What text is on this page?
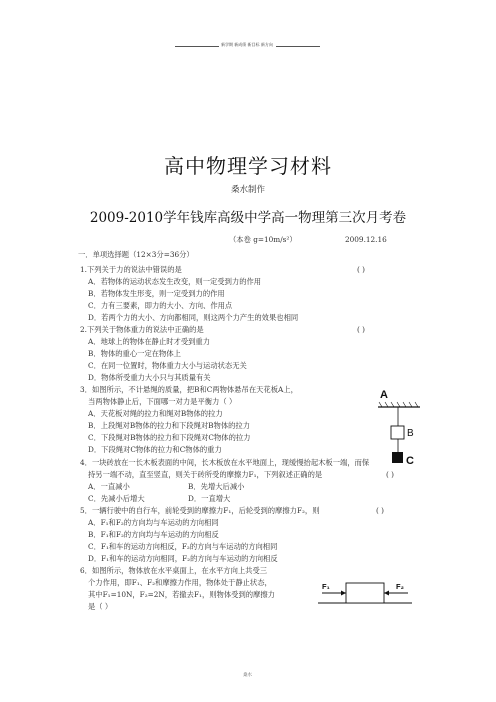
新学期 新成绩 新目标 新方向
高中物理学习材料
桑水制作
2009-2010学年钱库高级中学高一物理第三次月考卷
（本卷 g=10m/s²）	2009.12.16
一．单项选择题（12×3分=36分）
1.下列关于力的说法中错误的是	( )
A．若物体的运动状态发生改变，则一定受到力的作用
B．若物体发生形变，则一定受到力的作用
C．力有三要素，即力的大小、方向、作用点
D．若两个力的大小、方向都相同，则这两个力产生的效果也相同
2.下列关于物体重力的说法中正确的是	( )
A．地球上的物体在静止时才受到重力
B．物体的重心一定在物体上
C．在同一位置时，物体重力大小与运动状态无关
D．物体所受重力大小只与其质量有关
3．如图所示，不计悬绳的质量，把B和C两物体悬吊在天花板A上，
当两物体静止后，下面哪一对力是平衡力（ ）
A．天花板对绳的拉力和绳对B物体的拉力
B．上段绳对B物体的拉力和下段绳对B物体的拉力
C．下段绳对B物体的拉力和下段绳对C物体的拉力
D．下段绳对C物体的拉力和C物体的重力
A
B
C
4．一块砖放在一长木板表面的中间，长木板放在水平地面上，现缓慢抬起木板一端，而保
持另一端不动，直至竖直，则关于砖所受的摩擦力F₁，下列叙述正确的是	( )
A．一直减小	B．先增大后减小
C．先减小后增大	D．一直增大
5．一辆行驶中的自行车，前轮受到的摩擦力F₁，后轮受到的摩擦力F₂，则	( )
A．F₁和F₂的方向均与车运动的方向相同
B．F₁和F₂的方向均与车运动的方向相反
C．F₁和车的运动方向相反，F₂的方向与车运动的方向相同
D．F₁和车的运动方向相同，F₂的方向与车运动的方向相反
6．如图所示，物体放在水平桌面上，在水平方向上共受三
个力作用，即F₁、F₂和摩擦力作用，物体处于静止状态，
其中F₁=10N，F₂=2N，若撤去F₁，则物体受到的摩擦力
是（ ）
F₁	F₂
桑水
